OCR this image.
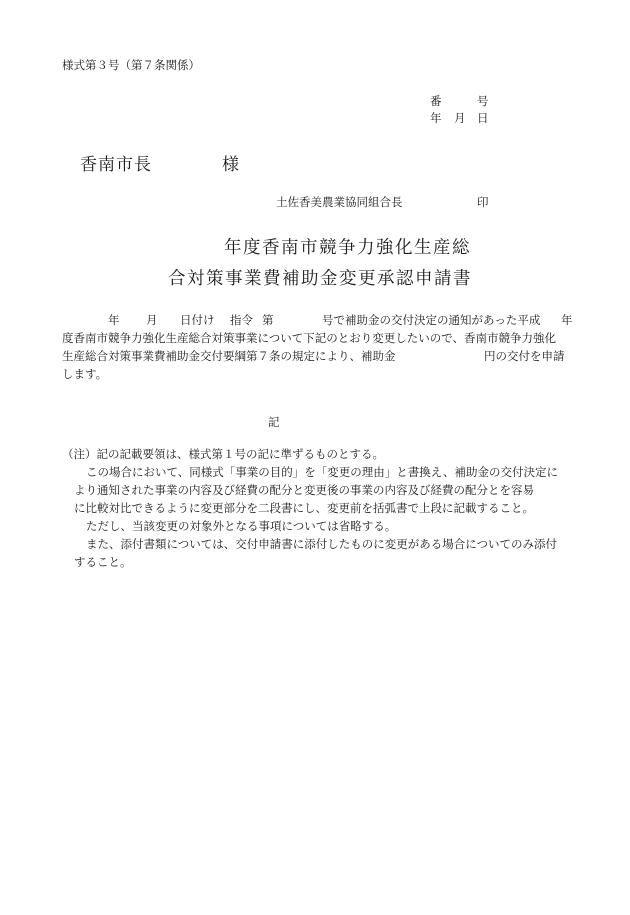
様式第３号（第７条関係）
番	号
年 月 日
香南市長	様
土佐香美農業協同組合長	印
年度香南市競争力強化生産総
合対策事業費補助金変更承認申請書
年 月 日付け 指令 第	号で補助金の交付決定の通知があった平成 年
度香南市競争力強化生産総合対策事業について下記のとおり変更したいので、香南市競争力強化
生産総合対策事業費補助金交付要綱第７条の規定により、補助金	円の交付を申請
します。
記
（注）記の記載要領は、様式第１号の記に準ずるものとする。
この場合において、同様式「事業の目的」を「変更の理由」と書換え、補助金の交付決定に
より通知された事業の内容及び経費の配分と変更後の事業の内容及び経費の配分とを容易
に比較対比できるように変更部分を二段書にし、変更前を括弧書で上段に記載すること。
ただし、当該変更の対象外となる事項については省略する。
また、添付書類については、交付申請書に添付したものに変更がある場合についてのみ添付
すること。
